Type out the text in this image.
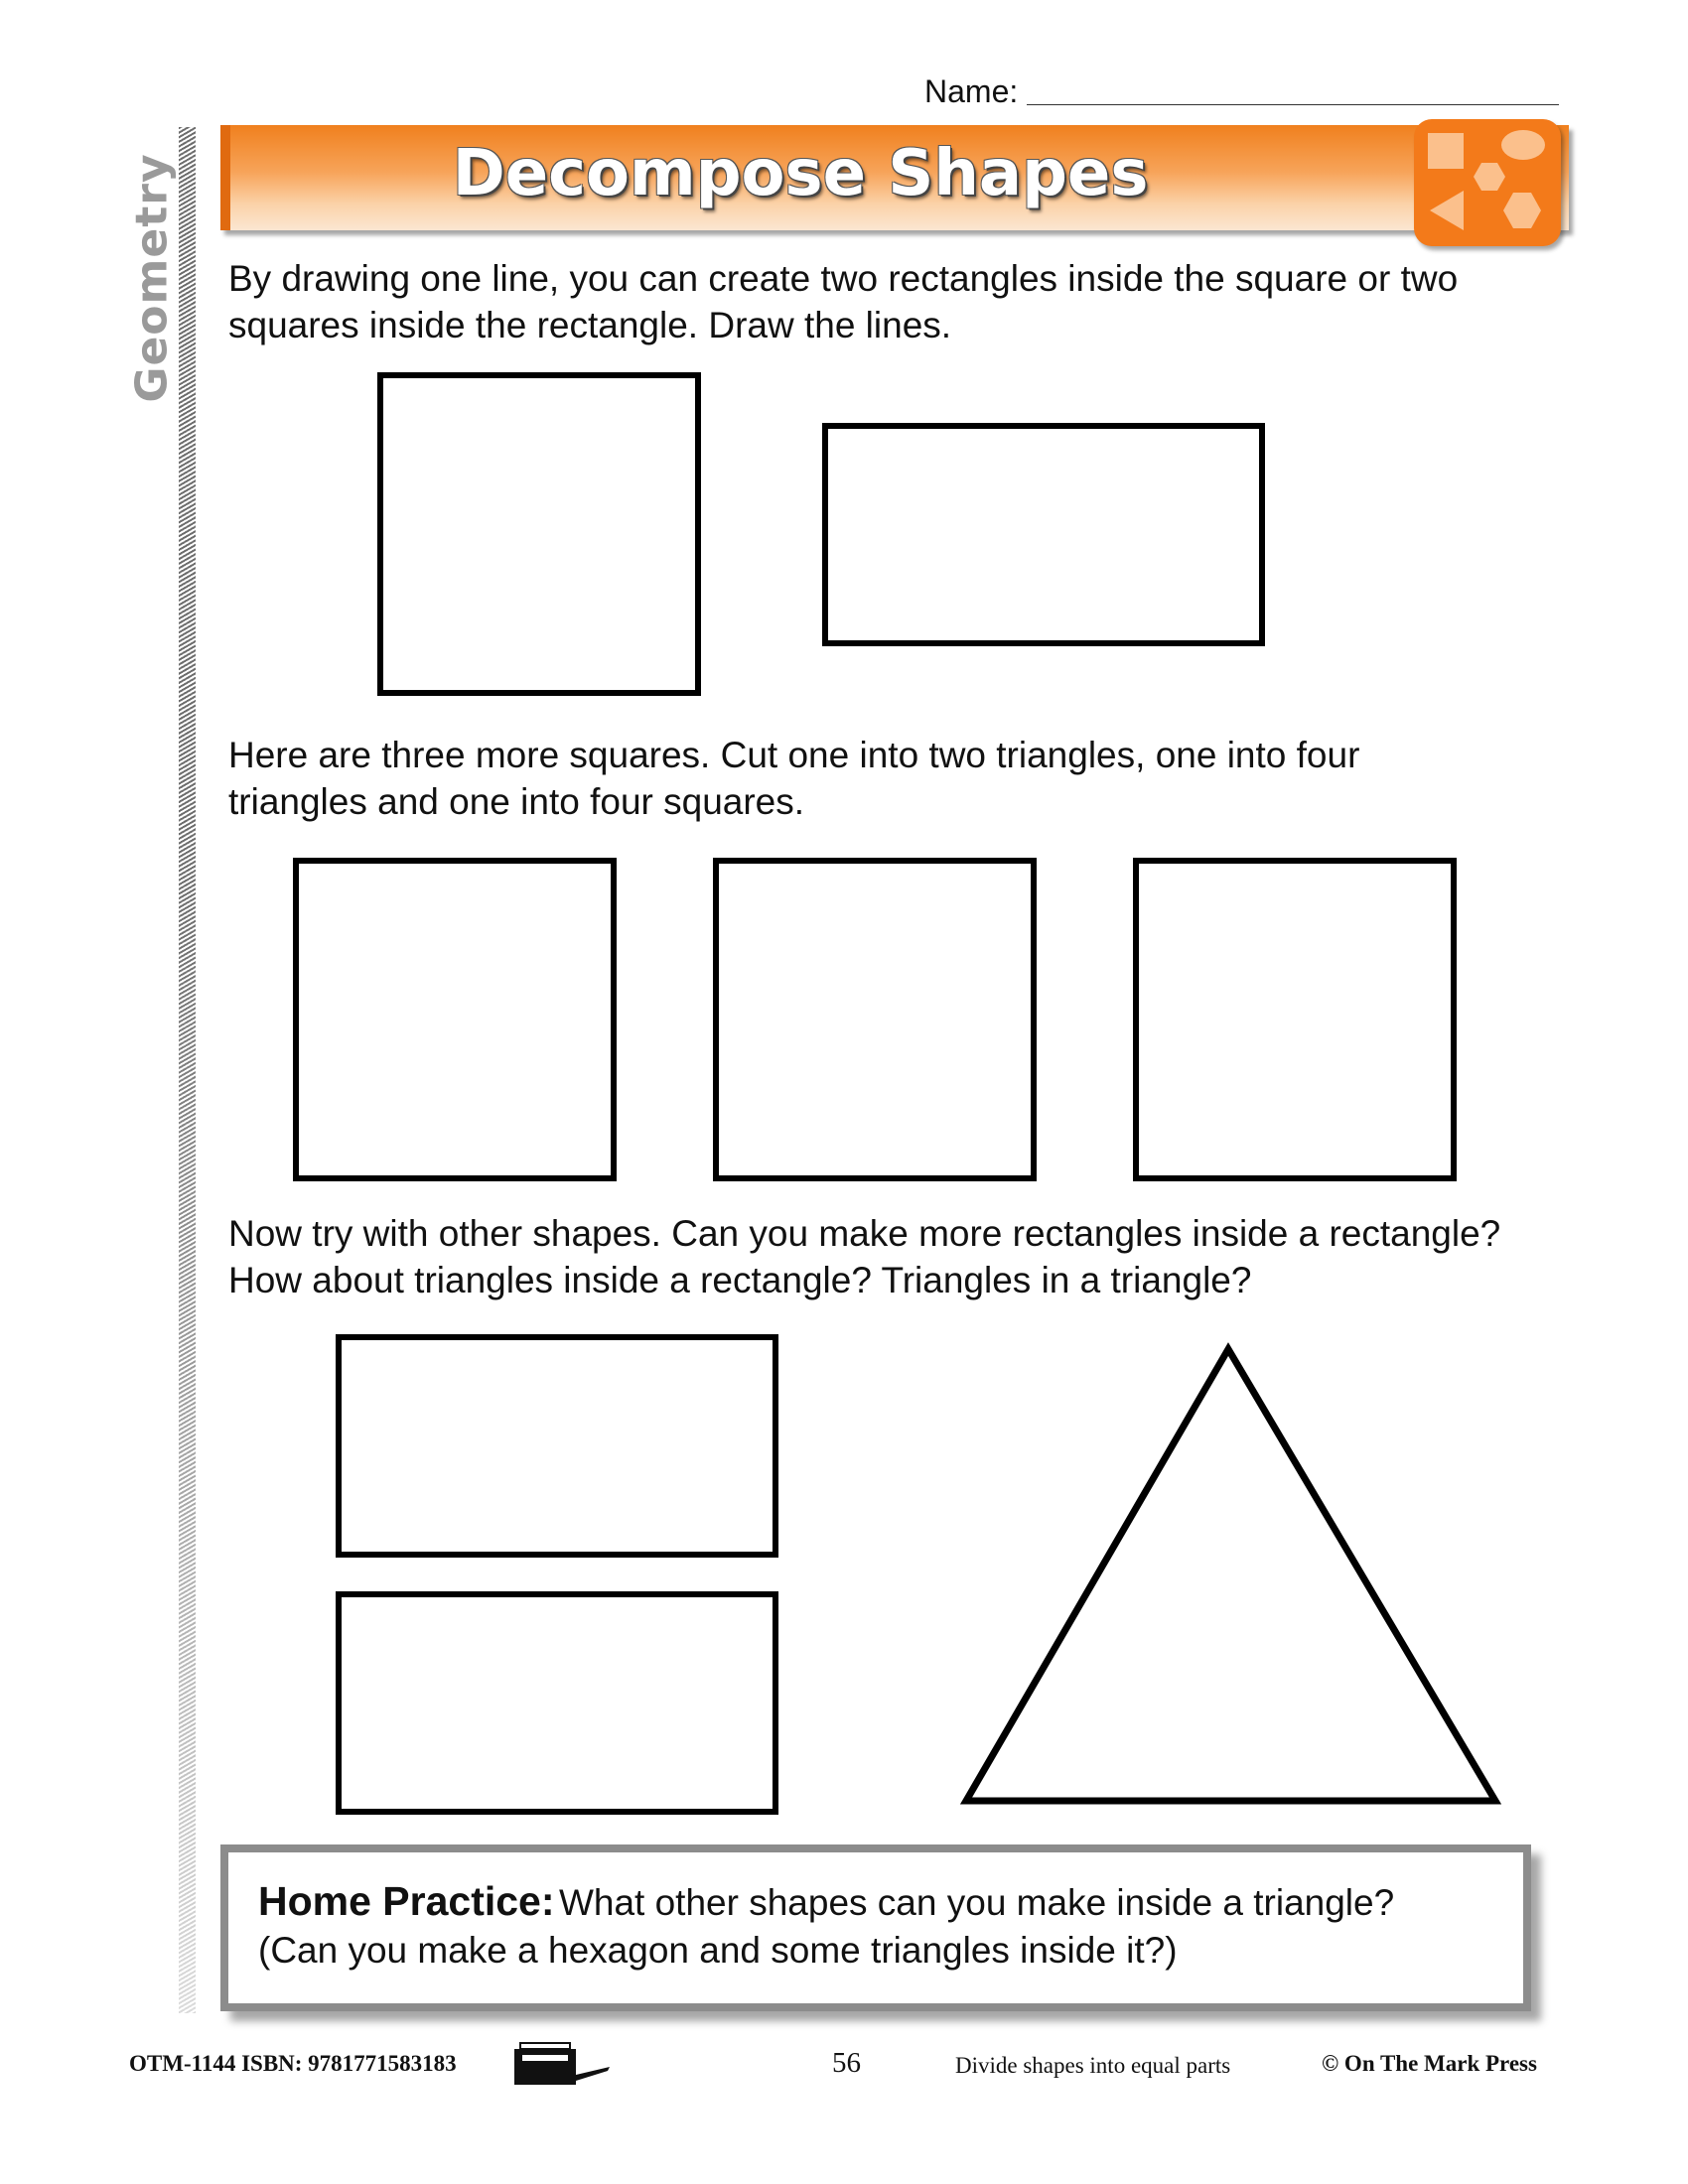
Name:
Geometry	Decompose Shapes
By drawing one line, you can create two rectangles inside the square or two
squares inside the rectangle. Draw the lines.
Here are three more squares. Cut one into two triangles, one into four
triangles and one into four squares.
Now try with other shapes. Can you make more rectangles inside a rectangle?
How about triangles inside a rectangle? Triangles in a triangle?
Home Practice: What other shapes can you make inside a triangle?
(Can you make a hexagon and some triangles inside it?)
OTM-1144 ISBN: 9781771583183	56	Divide shapes into equal parts	© On The Mark Press
